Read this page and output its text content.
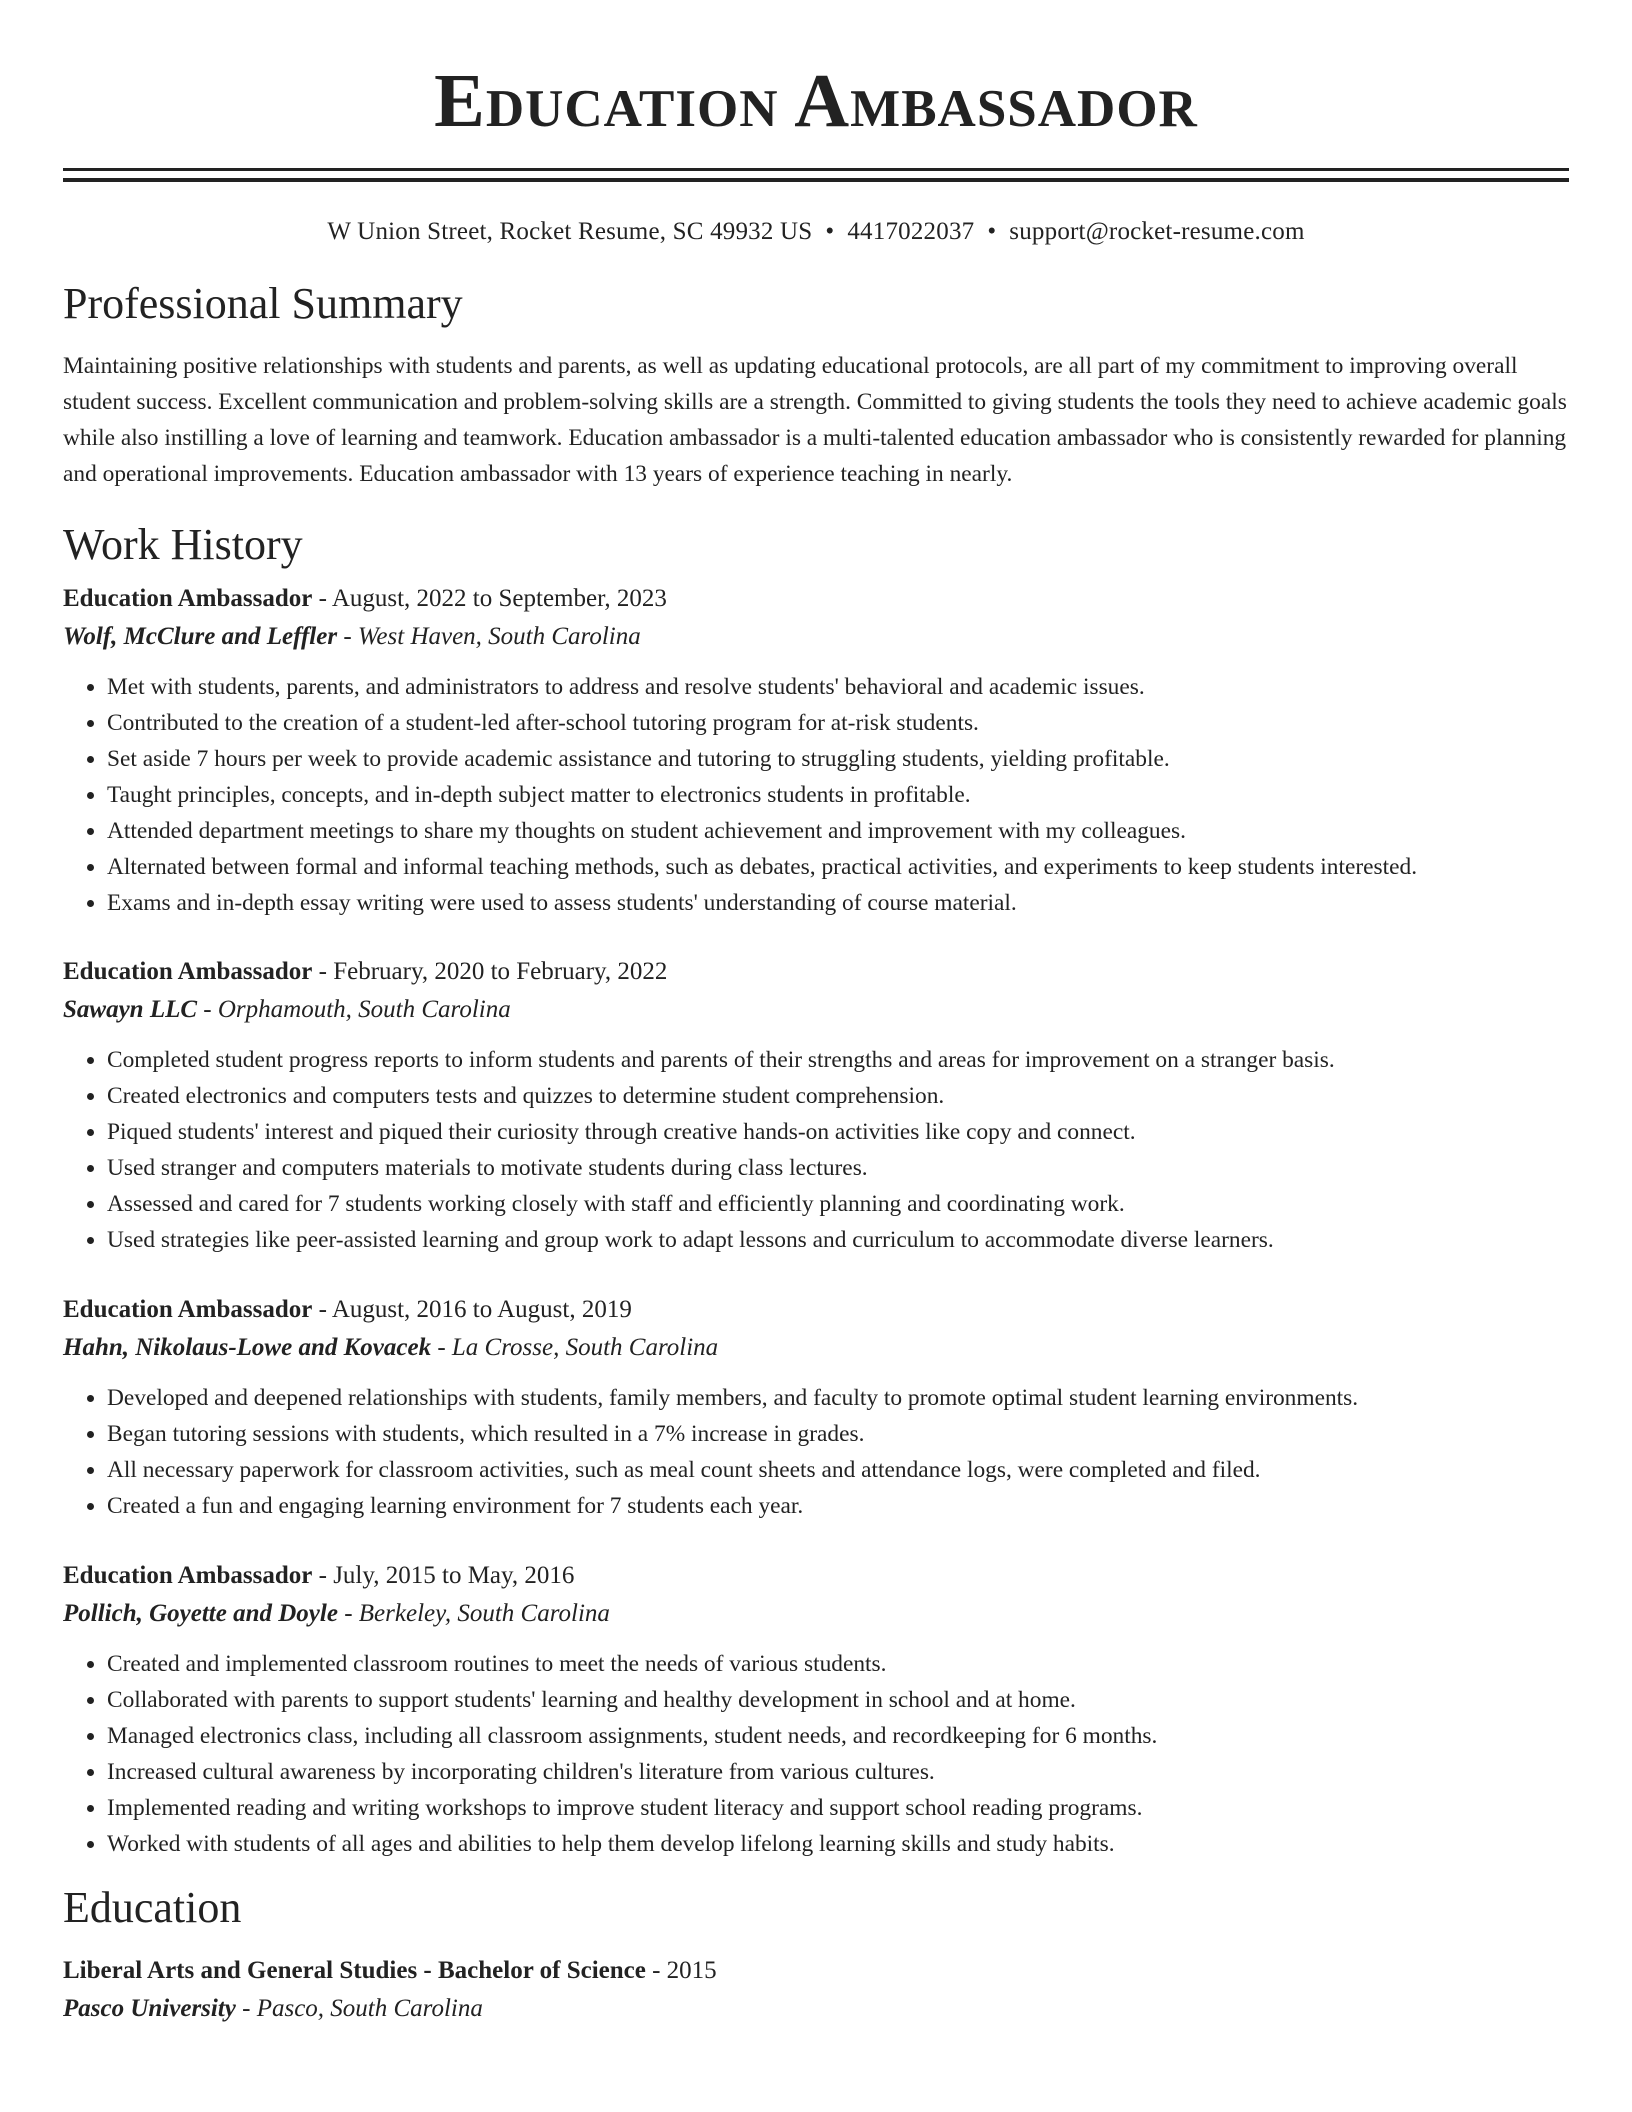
Education Ambassador
W Union Street, Rocket Resume, SC 49932 US • 4417022037 • support@rocket-resume.com
Professional Summary
Maintaining positive relationships with students and parents, as well as updating educational protocols, are all part of my commitment to improving overall student success. Excellent communication and problem-solving skills are a strength. Committed to giving students the tools they need to achieve academic goals while also instilling a love of learning and teamwork. Education ambassador is a multi-talented education ambassador who is consistently rewarded for planning and operational improvements. Education ambassador with 13 years of experience teaching in nearly.
Work History
Education Ambassador - August, 2022 to September, 2023
Wolf, McClure and Leffler - West Haven, South Carolina
• Met with students, parents, and administrators to address and resolve students' behavioral and academic issues.
• Contributed to the creation of a student-led after-school tutoring program for at-risk students.
• Set aside 7 hours per week to provide academic assistance and tutoring to struggling students, yielding profitable.
• Taught principles, concepts, and in-depth subject matter to electronics students in profitable.
• Attended department meetings to share my thoughts on student achievement and improvement with my colleagues.
• Alternated between formal and informal teaching methods, such as debates, practical activities, and experiments to keep students interested.
• Exams and in-depth essay writing were used to assess students' understanding of course material.
Education Ambassador - February, 2020 to February, 2022
Sawayn LLC - Orphamouth, South Carolina
• Completed student progress reports to inform students and parents of their strengths and areas for improvement on a stranger basis.
• Created electronics and computers tests and quizzes to determine student comprehension.
• Piqued students' interest and piqued their curiosity through creative hands-on activities like copy and connect.
• Used stranger and computers materials to motivate students during class lectures.
• Assessed and cared for 7 students working closely with staff and efficiently planning and coordinating work.
• Used strategies like peer-assisted learning and group work to adapt lessons and curriculum to accommodate diverse learners.
Education Ambassador - August, 2016 to August, 2019
Hahn, Nikolaus-Lowe and Kovacek - La Crosse, South Carolina
• Developed and deepened relationships with students, family members, and faculty to promote optimal student learning environments.
• Began tutoring sessions with students, which resulted in a 7% increase in grades.
• All necessary paperwork for classroom activities, such as meal count sheets and attendance logs, were completed and filed.
• Created a fun and engaging learning environment for 7 students each year.
Education Ambassador - July, 2015 to May, 2016
Pollich, Goyette and Doyle - Berkeley, South Carolina
• Created and implemented classroom routines to meet the needs of various students.
• Collaborated with parents to support students' learning and healthy development in school and at home.
• Managed electronics class, including all classroom assignments, student needs, and recordkeeping for 6 months.
• Increased cultural awareness by incorporating children's literature from various cultures.
• Implemented reading and writing workshops to improve student literacy and support school reading programs.
• Worked with students of all ages and abilities to help them develop lifelong learning skills and study habits.
Education
Liberal Arts and General Studies - Bachelor of Science - 2015
Pasco University - Pasco, South Carolina
